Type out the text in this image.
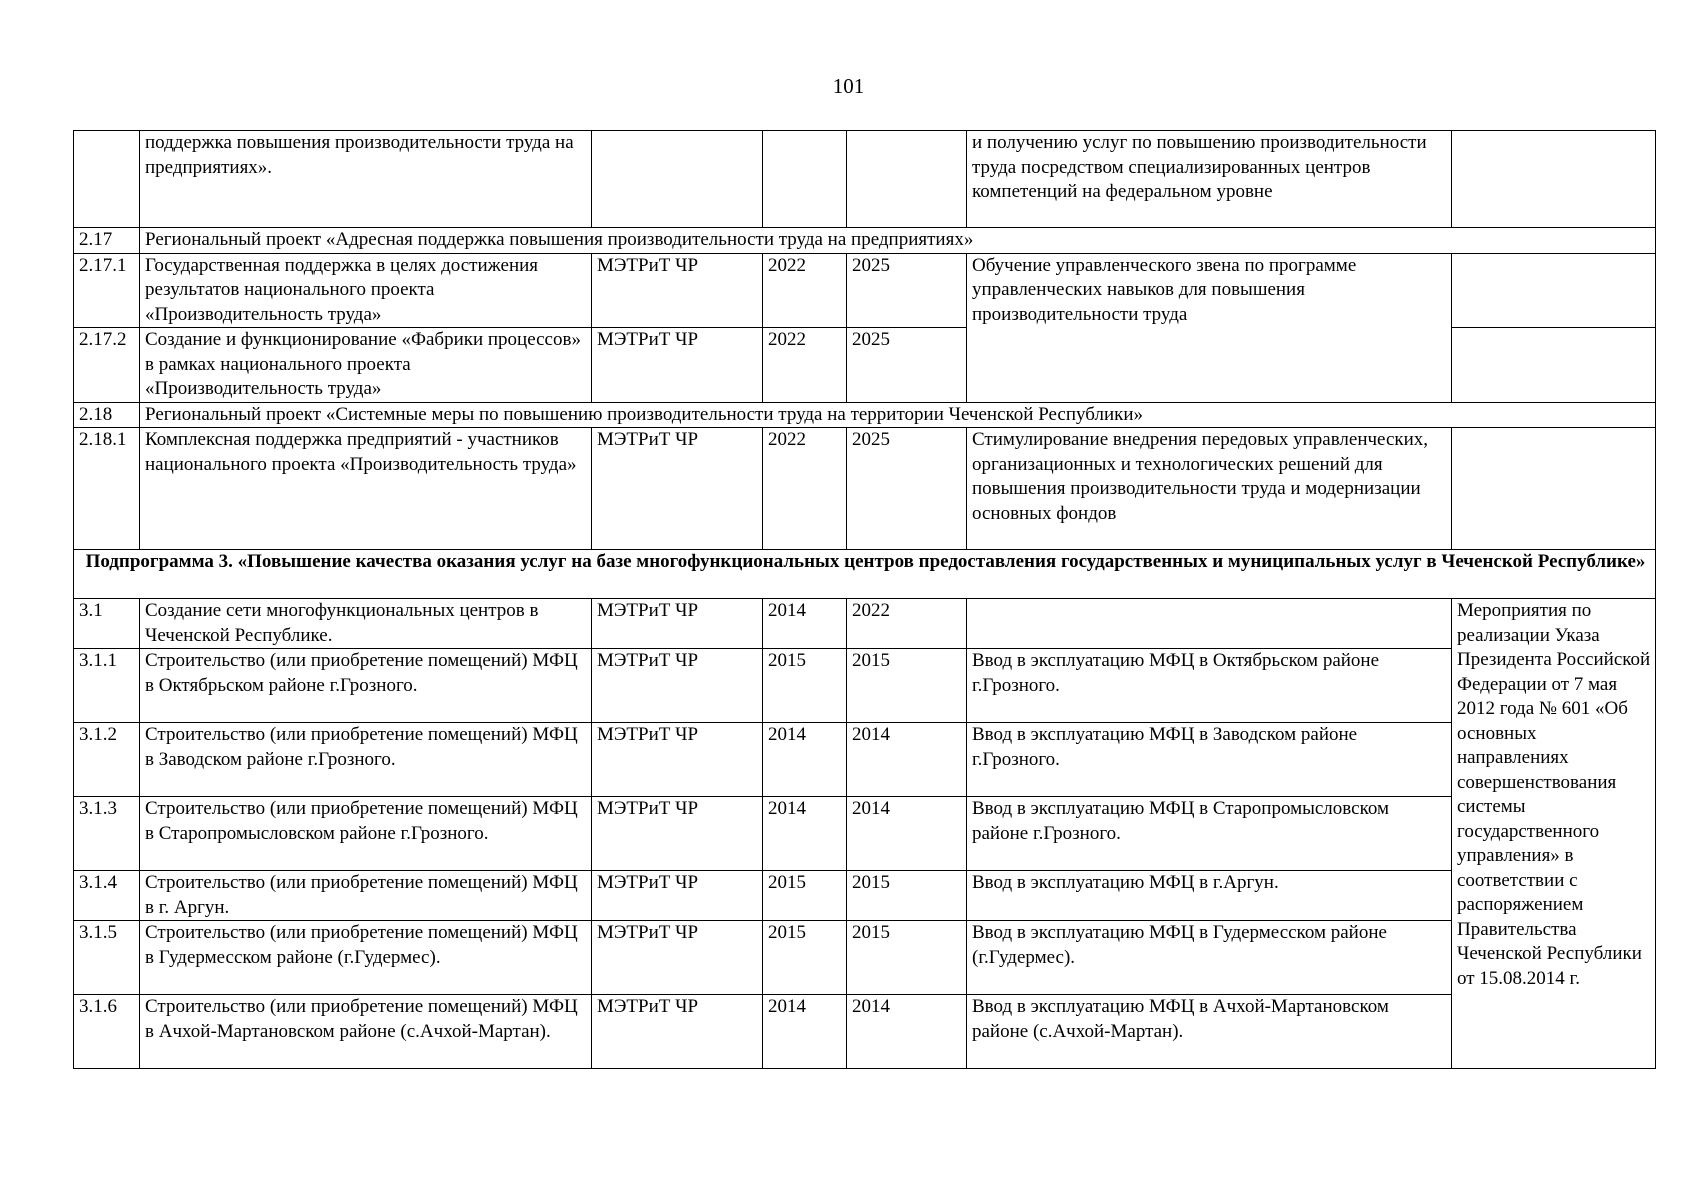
101
	поддержка повышения производительности труда на предприятиях».				и получению услуг по повышению производительности труда посредством специализированных центров компетенций на федеральном уровне	
2.17	Региональный проект «Адресная поддержка повышения производительности труда на предприятиях»					
2.17.1	Государственная поддержка в целях достижения результатов национального проекта «Производительность труда»	МЭТРиТ ЧР	2022	2025	Обучение управленческого звена по программе управленческих навыков для повышения производительности труда	
2.17.2	Создание и функционирование «Фабрики процессов» в рамках национального проекта «Производительность труда»	МЭТРиТ ЧР	2022	2025		
2.18	Региональный проект «Системные меры по повышению производительности труда на территории Чеченской Республики»					
2.18.1	Комплексная поддержка предприятий - участников национального проекта «Производительность труда»	МЭТРиТ ЧР	2022	2025	Стимулирование внедрения передовых управленческих, организационных и технологических решений для повышения производительности труда и модернизации основных фондов	
Подпрограмма 3. «Повышение качества оказания услуг на базе многофункциональных центров предоставления государственных и муниципальных услуг в Чеченской Республике»						
3.1	Создание сети многофункциональных центров в Чеченской Республике.	МЭТРиТ ЧР	2014	2022		Мероприятия по реализации Указа Президента Российской Федерации от 7 мая 2012 года № 601 «Об основных направлениях совершенствования системы государственного управления» в соответствии с распоряжением Правительства Чеченской Республики от 15.08.2014 г.
3.1.1	Строительство (или приобретение помещений) МФЦ в Октябрьском районе г.Грозного.	МЭТРиТ ЧР	2015	2015	Ввод в эксплуатацию МФЦ в Октябрьском районе г.Грозного.	
3.1.2	Строительство (или приобретение помещений) МФЦ в Заводском районе г.Грозного.	МЭТРиТ ЧР	2014	2014	Ввод в эксплуатацию МФЦ в Заводском районе г.Грозного.	
3.1.3	Строительство (или приобретение помещений) МФЦ в Старопромысловском районе г.Грозного.	МЭТРиТ ЧР	2014	2014	Ввод в эксплуатацию МФЦ в Старопромысловском районе г.Грозного.	
3.1.4	Строительство (или приобретение помещений) МФЦ в г. Аргун.	МЭТРиТ ЧР	2015	2015	Ввод в эксплуатацию МФЦ в г.Аргун.	
3.1.5	Строительство (или приобретение помещений) МФЦ в Гудермесском районе (г.Гудермес).	МЭТРиТ ЧР	2015	2015	Ввод в эксплуатацию МФЦ в Гудермесском районе (г.Гудермес).	
3.1.6	Строительство (или приобретение помещений) МФЦ в Ачхой-Мартановском районе (с.Ачхой-Мартан).	МЭТРиТ ЧР	2014	2014	Ввод в эксплуатацию МФЦ в Ачхой-Мартановском районе (с.Ачхой-Мартан).	
